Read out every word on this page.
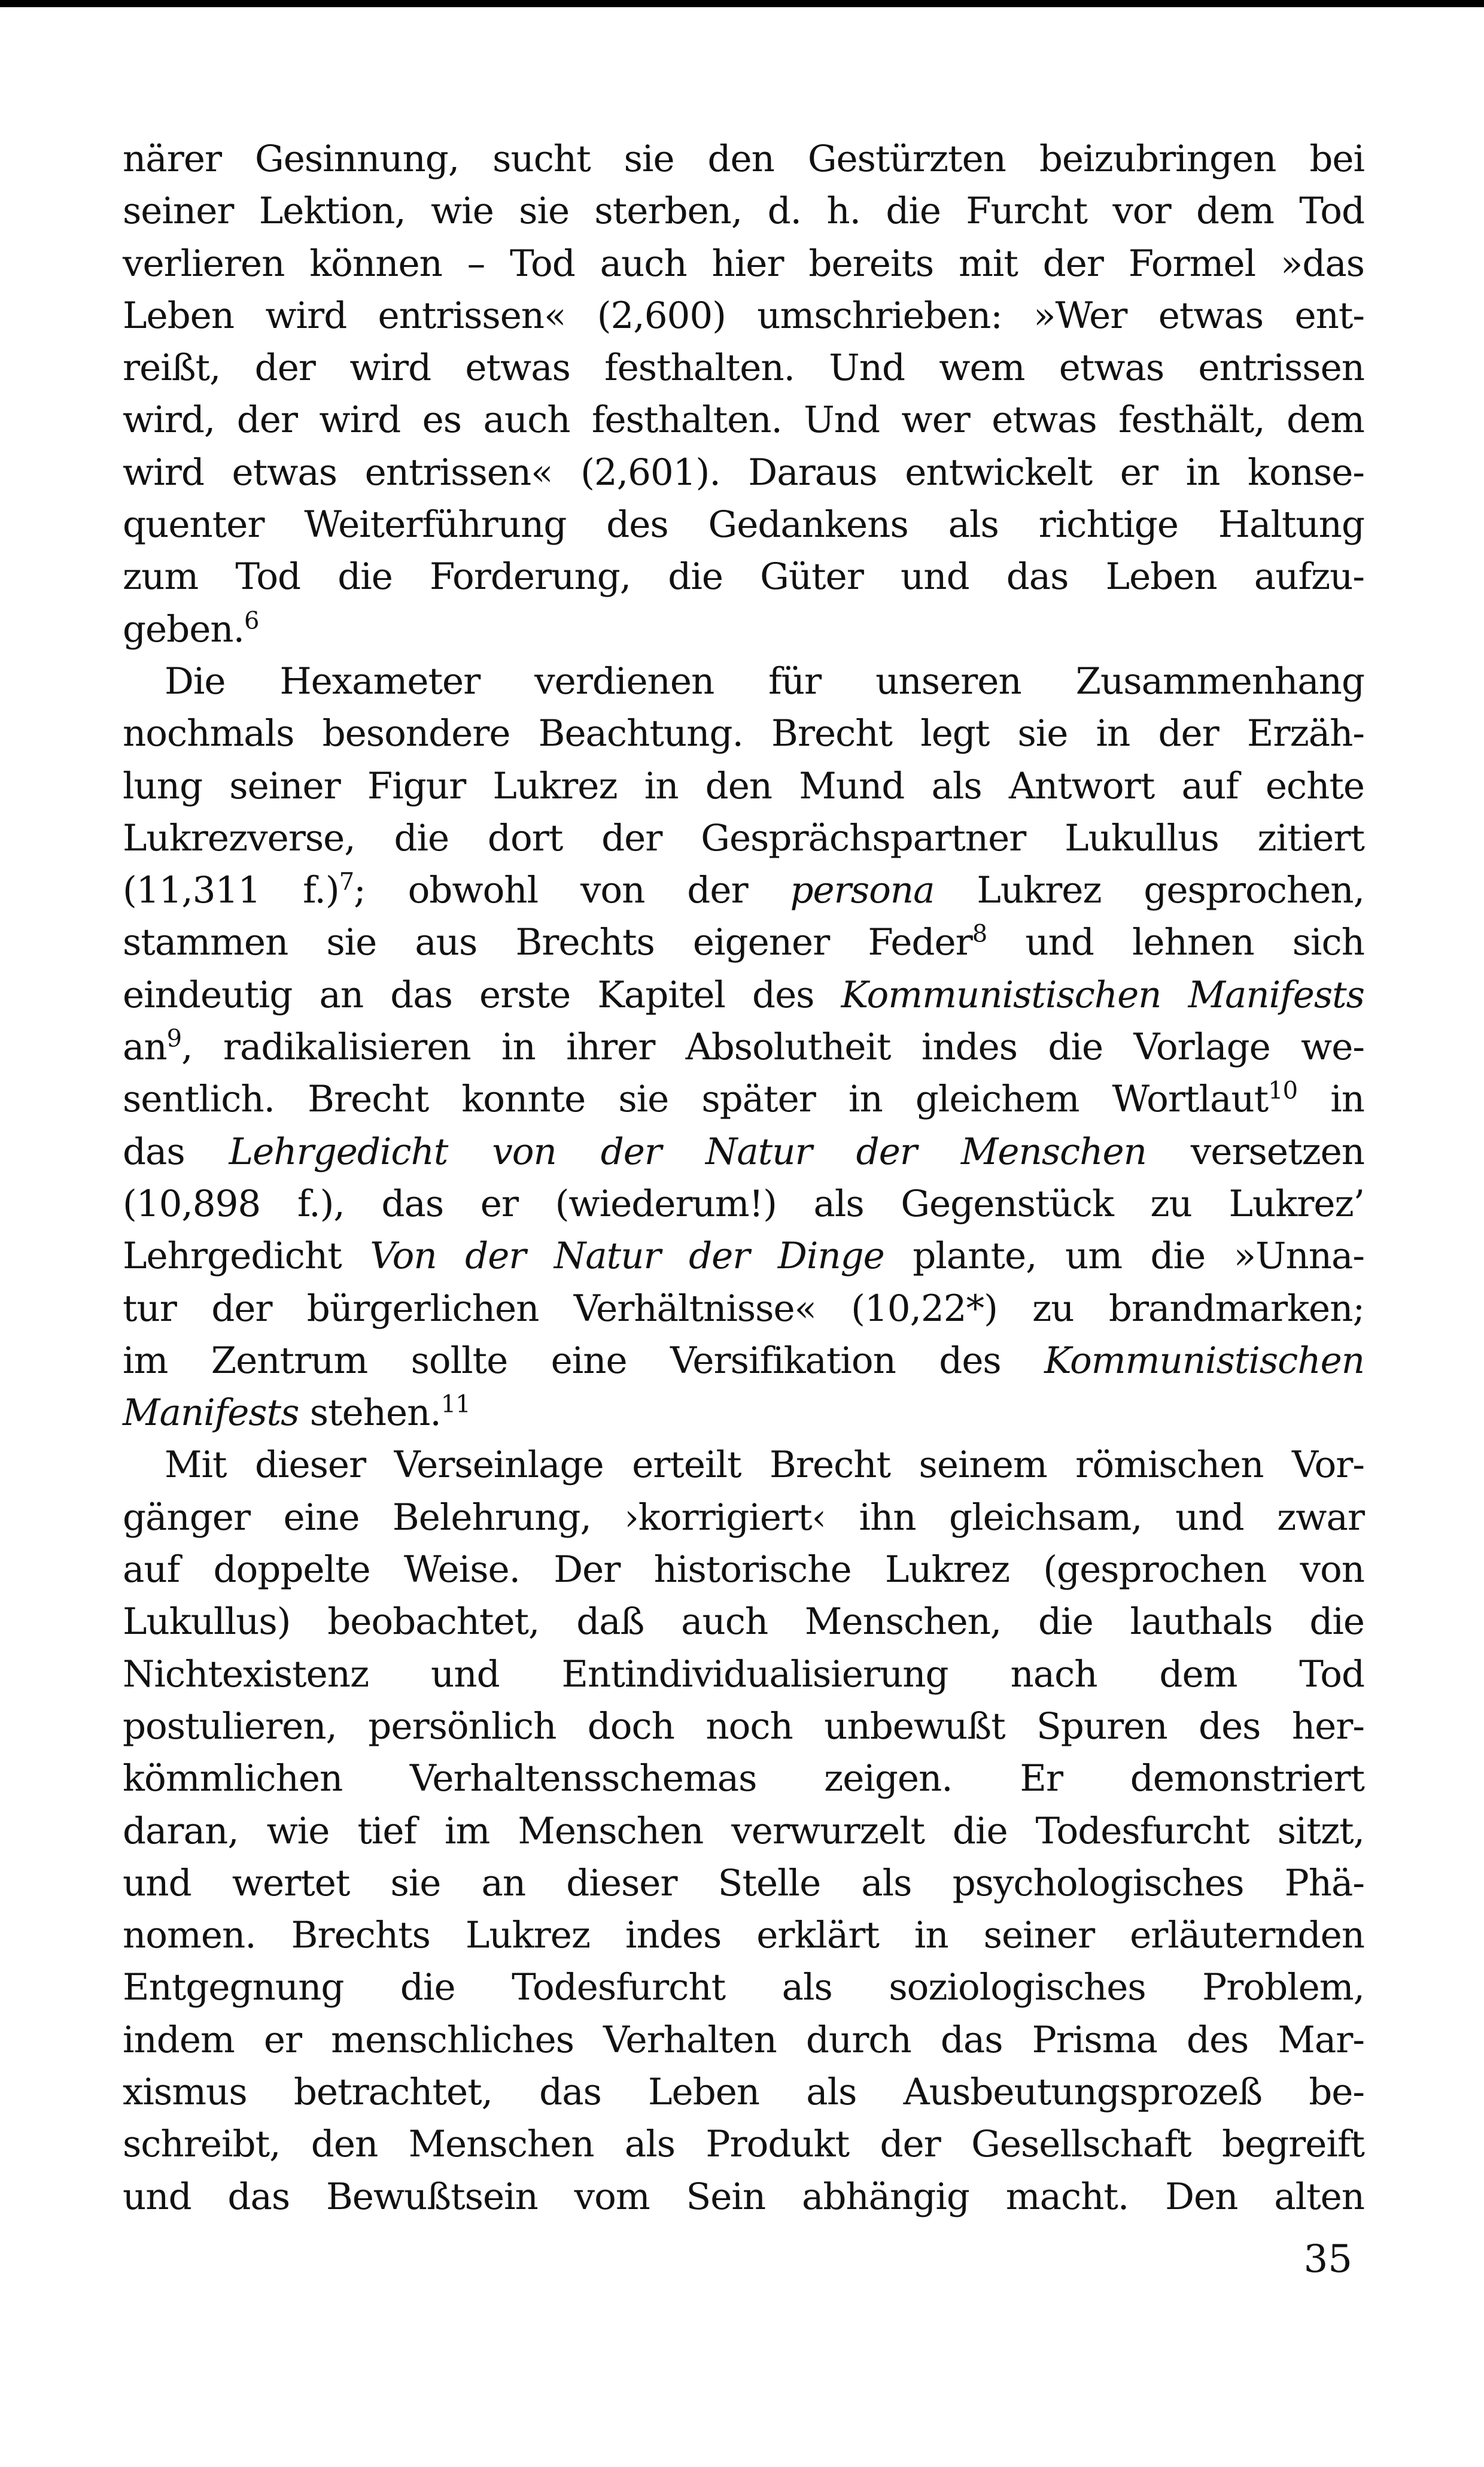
närer Gesinnung, sucht sie den Gestürzten beizubringen bei
seiner Lektion, wie sie sterben, d. h. die Furcht vor dem Tod
verlieren können – Tod auch hier bereits mit der Formel »das
Leben wird entrissen« (2,600) umschrieben: »Wer etwas ent-
reißt, der wird etwas festhalten. Und wem etwas entrissen
wird, der wird es auch festhalten. Und wer etwas festhält, dem
wird etwas entrissen« (2,601). Daraus entwickelt er in konse-
quenter Weiterführung des Gedankens als richtige Haltung
zum Tod die Forderung, die Güter und das Leben aufzu-
geben.$^6$
Die Hexameter verdienen für unseren Zusammenhang
nochmals besondere Beachtung. Brecht legt sie in der Erzäh-
lung seiner Figur Lukrez in den Mund als Antwort auf echte
Lukrezverse, die dort der Gesprächspartner Lukullus zitiert
(11,311 f.)$^7$; obwohl von der persona Lukrez gesprochen,
stammen sie aus Brechts eigener Feder$^8$ und lehnen sich
eindeutig an das erste Kapitel des Kommunistischen Manifests
$an^9$, radikalisieren in ihrer Absolutheit indes die Vorlage we-
sentlich. Brecht konnte sie später in gleichem Wortlaut$^{10}$ in
das Lehrgedicht von der Natur der Menschen versetzen
(10,898 f.), das er (wiederum!) als Gegenstück zu Lukrez’
Lehrgedicht Von der Natur der Dinge plante, um die »Unna-
tur der bürgerlichen Verhältnisse« (10,22*) zu brandmarken;
im Zentrum sollte eine Versifikation des Kommunistischen
Manifests stehen.$^{11}$
Mit dieser Verseinlage erteilt Brecht seinem römischen Vor-
gänger eine Belehrung, ›korrigiert‹ ihn gleichsam, und zwar
auf doppelte Weise. Der historische Lukrez (gesprochen von
Lukullus) beobachtet, daß auch Menschen, die lauthals die
Nichtexistenz und Entindividualisierung nach dem Tod
postulieren, persönlich doch noch unbewußt Spuren des her-
kömmlichen Verhaltensschemas zeigen. Er demonstriert
daran, wie tief im Menschen verwurzelt die Todesfurcht sitzt,
und wertet sie an dieser Stelle als psychologisches Phä-
nomen. Brechts Lukrez indes erklärt in seiner erläuternden
Entgegnung die Todesfurcht als soziologisches Problem,
indem er menschliches Verhalten durch das Prisma des Mar-
xismus betrachtet, das Leben als Ausbeutungsprozeß be-
schreibt, den Menschen als Produkt der Gesellschaft begreift
und das Bewußtsein vom Sein abhängig macht. Den alten
35
